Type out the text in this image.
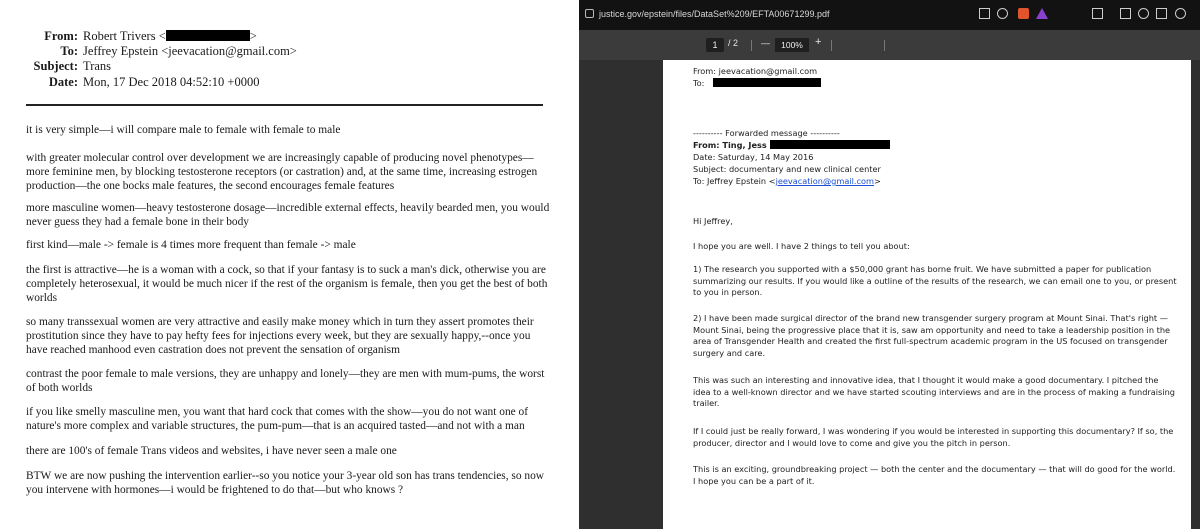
From: Robert Trivers <	>
To: Jeffrey Epstein <jeevacation@gmail.com>
Subject: Trans
Date: Mon, 17 Dec 2018 04:52:10 +0000
it is very simple—i will compare male to female with female to male
with greater molecular control over development we are increasingly capable of producing novel phenotypes—more feminine men, by blocking testosterone receptors (or castration) and, at the same time, increasing estrogen production—the one bocks male features, the second encourages female features
more masculine women—heavy testosterone dosage—incredible external effects, heavily bearded men, you would never guess they had a female bone in their body
first kind—male -> female is 4 times more frequent than female -> male
the first is attractive—he is a woman with a cock, so that if your fantasy is to suck a man's dick, otherwise you are completely heterosexual, it would be much nicer if the rest of the organism is female, then you get the best of both worlds
so many transsexual women are very attractive and easily make money which in turn they assert promotes their prostitution since they have to pay hefty fees for injections every week, but they are sexually happy,--once you have reached manhood even castration does not prevent the sensation of organism
contrast the poor female to male versions, they are unhappy and lonely—they are men with mum-pums, the worst of both worlds
if you like smelly masculine men, you want that hard cock that comes with the show—you do not want one of nature's more complex and variable structures, the pum-pum—that is an acquired tasted—and not with a man
there are 100's of female Trans videos and websites, i have never seen a male one
BTW we are now pushing the intervention earlier--so you notice your 3-year old son has trans tendencies, so now you intervene with hormones—i would be frightened to do that—but who knows ?
justice.gov/epstein/files/DataSet%209/EFTA00671299.pdf
1	/ 2	—	100%	+
From: jeevacation@gmail.com
To:
---------- Forwarded message ----------
From: Ting, Jess
Date: Saturday, 14 May 2016
Subject: documentary and new clinical center
To: Jeffrey Epstein <jeevacation@gmail.com>
Hi Jeffrey,
I hope you are well. I have 2 things to tell you about:
1) The research you supported with a $50,000 grant has borne fruit. We have submitted a paper for publication summarizing our results. If you would like a outline of the results of the research, we can email one to you, or present to you in person.
2) I have been made surgical director of the brand new transgender surgery program at Mount Sinai. That's right — Mount Sinai, being the progressive place that it is, saw am opportunity and need to take a leadership position in the area of Transgender Health and created the first full-spectrum academic program in the US focused on transgender surgery and care.
This was such an interesting and innovative idea, that I thought it would make a good documentary. I pitched the idea to a well-known director and we have started scouting interviews and are in the process of making a fundraising trailer.
If I could just be really forward, I was wondering if you would be interested in supporting this documentary? If so, the producer, director and I would love to come and give you the pitch in person.
This is an exciting, groundbreaking project — both the center and the documentary — that will do good for the world. I hope you can be a part of it.
